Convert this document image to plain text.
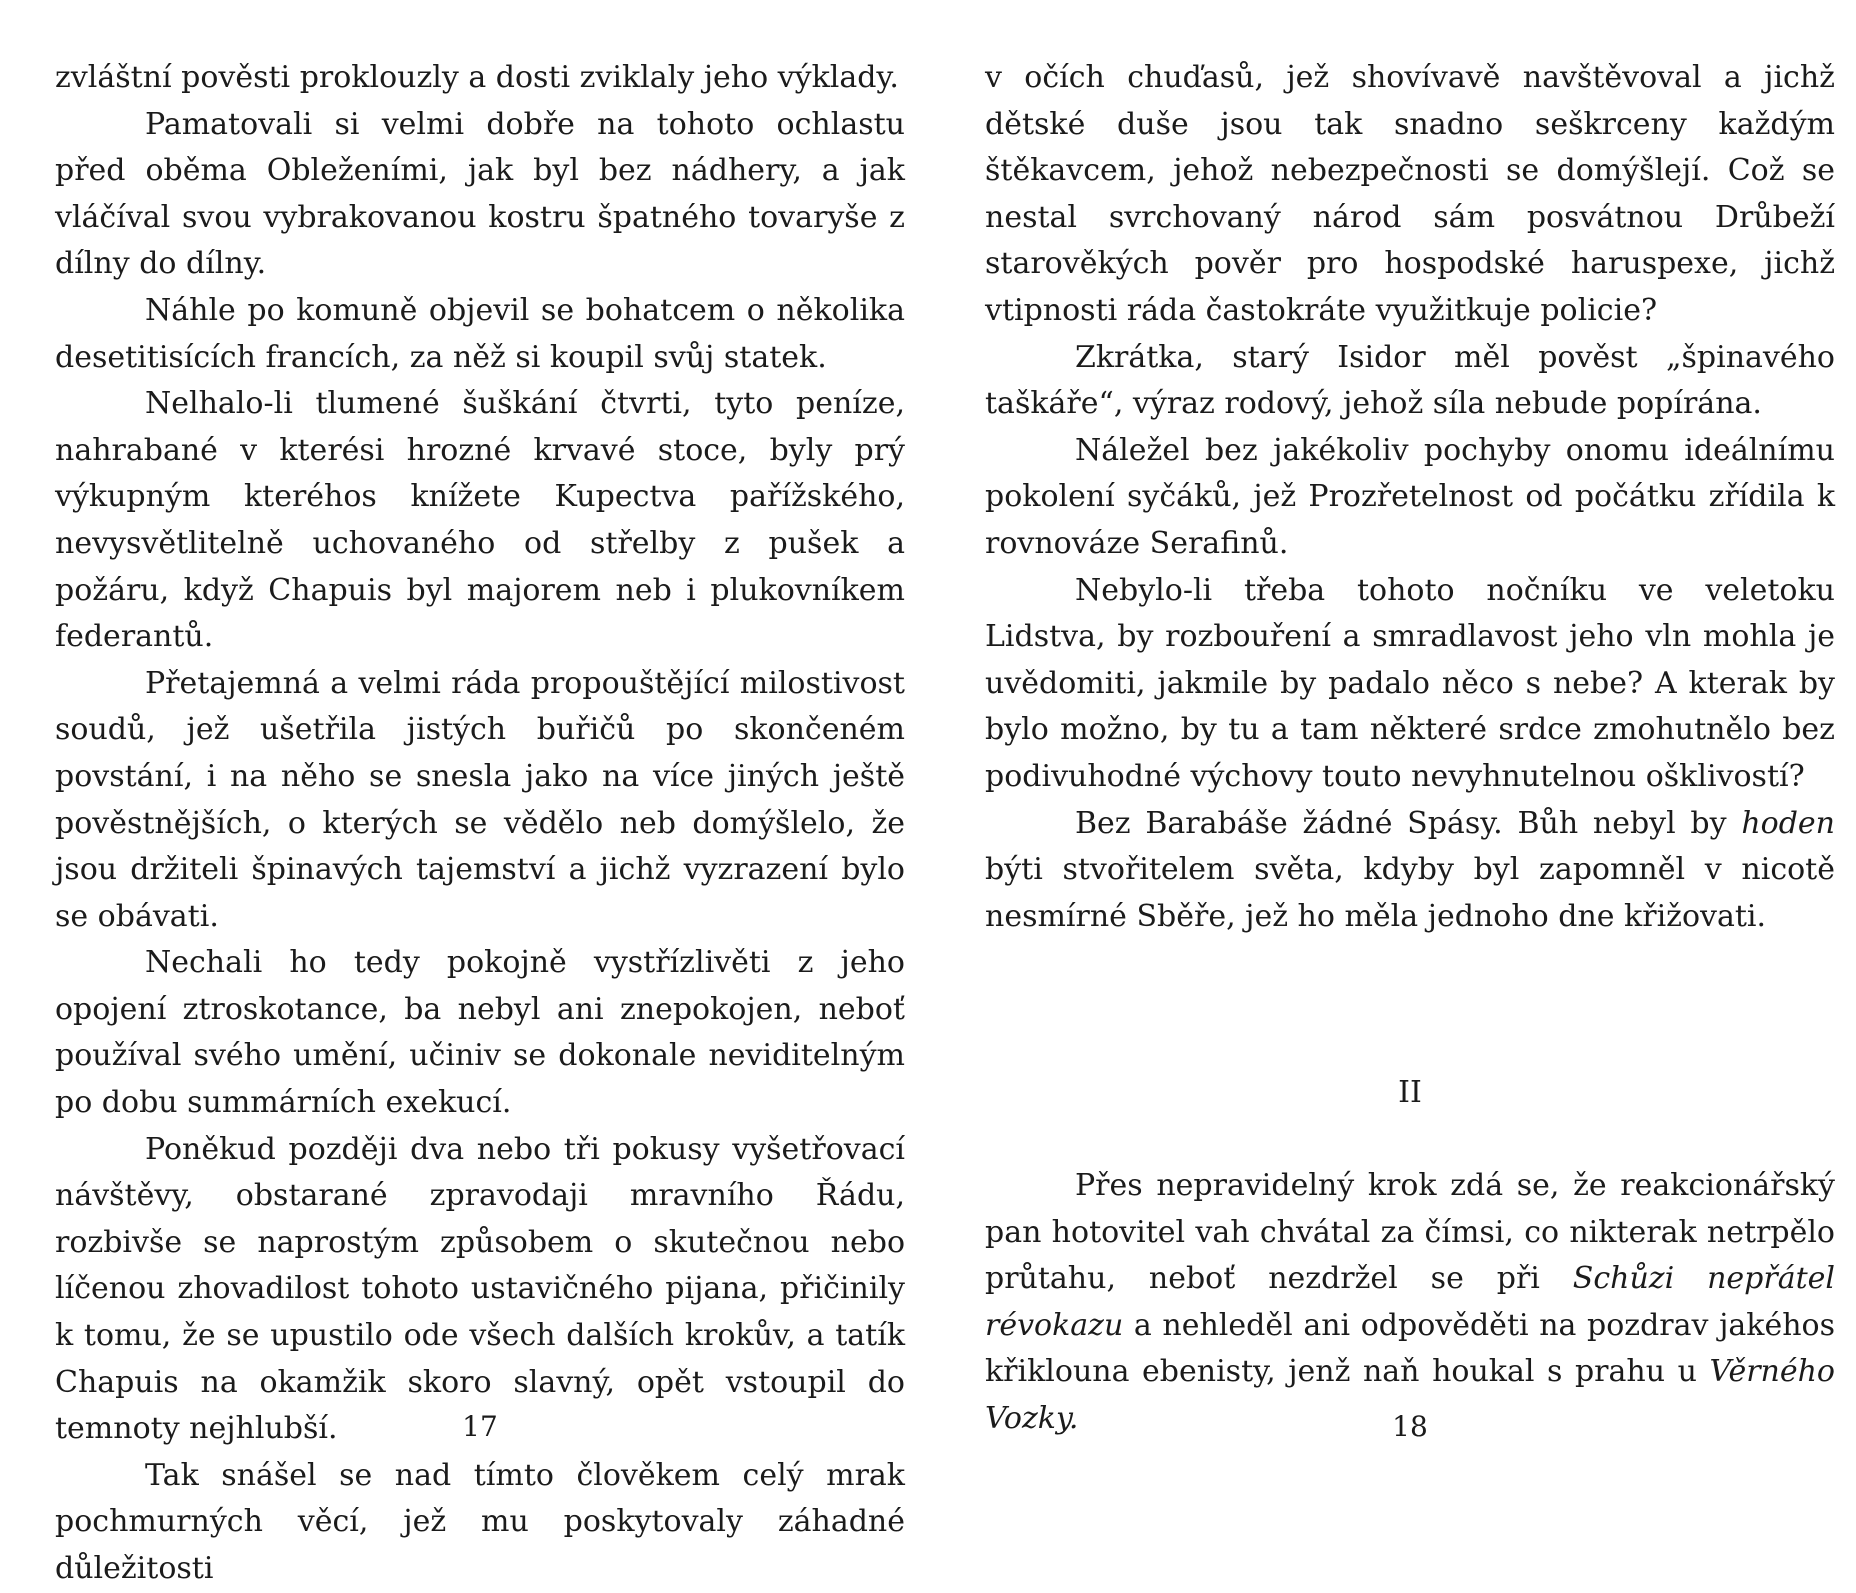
zvláštní pověsti proklouzly a dosti zviklaly jeho výklady.

Pamatovali si velmi dobře na tohoto ochlastu před oběma Obleženími, jak byl bez nádhery, a jak vláčíval svou vybrakovanou kostru špatného tovaryše z dílny do dílny.

Náhle po komuně objevil se bohatcem o několika desetitisících francích, za něž si koupil svůj statek.

Nelhalo-li tlumené šuškání čtvrti, tyto peníze, nahrabané v kterési hrozné krvavé stoce, byly prý výkupným kteréhos knížete Kupectva pařížského, nevysvětlitelně uchovaného od střelby z pušek a požáru, když Chapuis byl majorem neb i plukovníkem federantů.

Přetajemná a velmi ráda propouštějící milostivost soudů, jež ušetřila jistých buřičů po skončeném povstání, i na něho se snesla jako na více jiných ještě pověstnějších, o kterých se vědělo neb domýšlelo, že jsou držiteli špinavých tajemství a jichž vyzrazení bylo se obávati.

Nechali ho tedy pokojně vystřízlivěti z jeho opojení ztroskotance, ba nebyl ani znepokojen, neboť používal svého umění, učiniv se dokonale neviditelným po dobu summárních exekucí.

Poněkud později dva nebo tři pokusy vyšetřovací návštěvy, obstarané zpravodaji mravního Řádu, rozbivše se naprostým způsobem o skutečnou nebo líčenou zhovadilost tohoto ustavičného pijana, přičinily k tomu, že se upustilo ode všech dalších krokův, a tatík Chapuis na okamžik skoro slavný, opět vstoupil do temnoty nejhlubší.

Tak snášel se nad tímto člověkem celý mrak pochmurných věcí, jež mu poskytovaly záhadné důležitosti

17

v očích chuďasů, jež shovívavě navštěvoval a jichž dětské duše jsou tak snadno seškrceny každým štěkavcem, jehož nebezpečnosti se domýšlejí. Což se nestal svrchovaný národ sám posvátnou Drůbeží starověkých pověr pro hospodské haruspexe, jichž vtipnosti ráda častokráte využitkuje policie?

Zkrátka, starý Isidor měl pověst „špinavého taškáře“, výraz rodový, jehož síla nebude popírána.

Náležel bez jakékoliv pochyby onomu ideálnímu pokolení syčáků, jež Prozřetelnost od počátku zřídila k rovnováze Serafinů.

Nebylo-li třeba tohoto nočníku ve veletoku Lidstva, by rozbouření a smradlavost jeho vln mohla je uvědomiti, jakmile by padalo něco s nebe? A kterak by bylo možno, by tu a tam některé srdce zmohutnělo bez podivuhodné výchovy touto nevyhnutelnou ošklivostí?

Bez Barabáše žádné Spásy. Bůh nebyl by hoden býti stvořitelem světa, kdyby byl zapomněl v nicotě nesmírné Sběře, jež ho měla jednoho dne křižovati.

II

Přes nepravidelný krok zdá se, že reakcionářský pan hotovitel vah chvátal za čímsi, co nikterak netrpělo průtahu, neboť nezdržel se při Schůzi nepřátel révokazu a nehleděl ani odpověděti na pozdrav jakéhos křiklouna ebenisty, jenž naň houkal s prahu u Věrného Vozky.	18
